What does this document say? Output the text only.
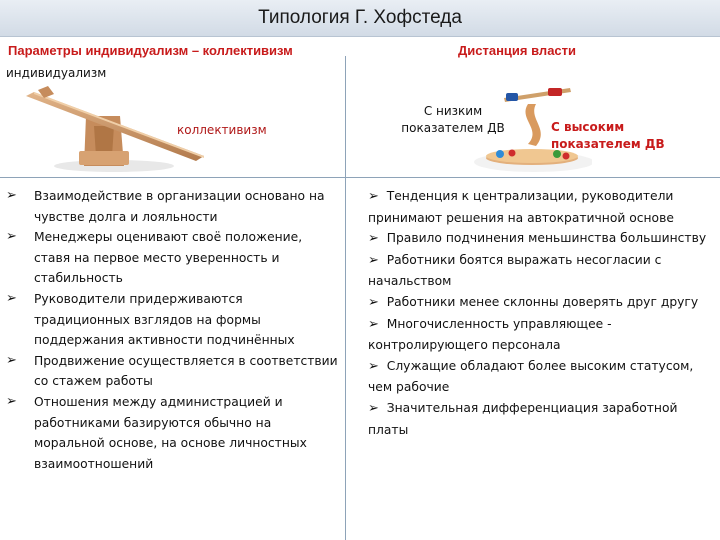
Типология Г. Хофстеда
Параметры индивидуализм – коллективизм	Дистанция власти
индивидуализм
коллективизм
С низким показателем ДВ	С высоким показателем ДВ
➢ Взаимодействие в организации основано на чувстве долга и лояльности
➢ Менеджеры оценивают своё положение, ставя на первое место уверенность и стабильность
➢ Руководители придерживаются традиционных взглядов на формы поддержания активности подчинённых
➢ Продвижение осуществляется в соответствии со стажем работы
➢ Отношения между администрацией и работниками базируются обычно на моральной основе, на основе личностных взаимоотношений
➢ Тенденция к централизации, руководители принимают решения на автократичной основе
➢ Правило подчинения меньшинства большинству
➢ Работники боятся выражать несогласии с начальством
➢ Работники менее склонны доверять друг другу
➢ Многочисленность управляющее - контролирующего персонала
➢ Служащие обладают более высоким статусом, чем рабочие
➢ Значительная дифференциация заработной платы
